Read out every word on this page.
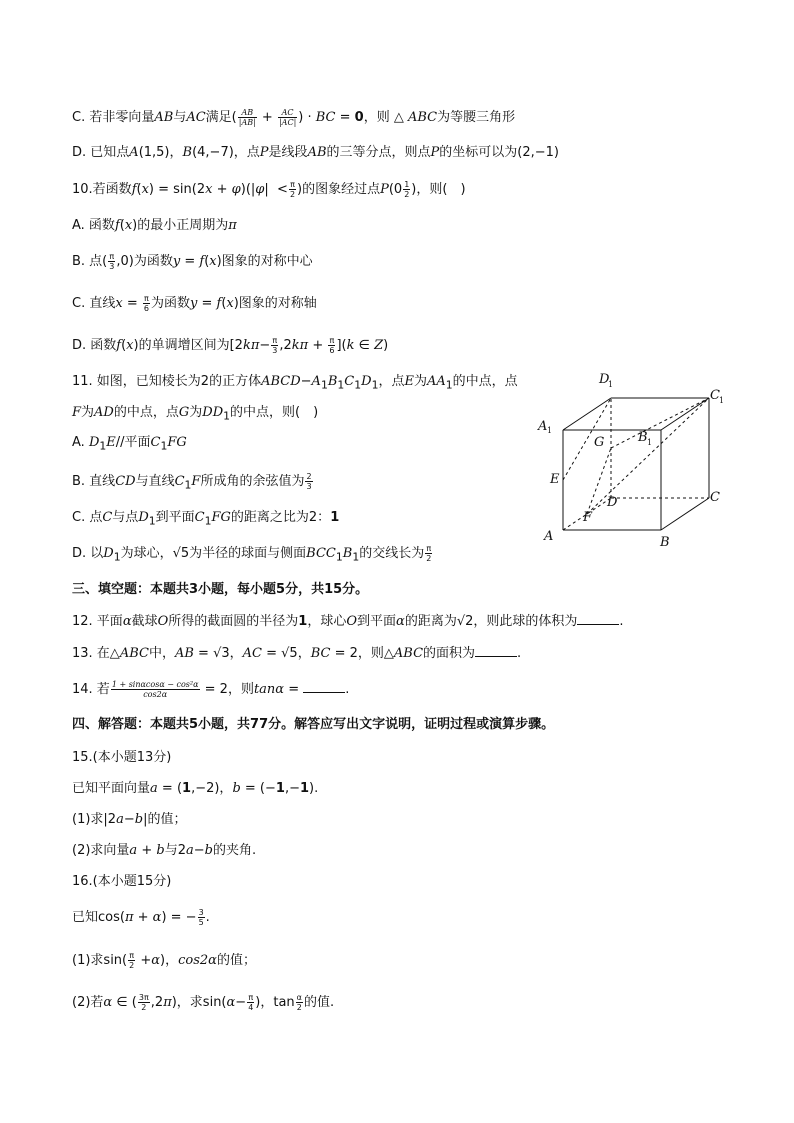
C. 若非零向量AB与AC满足( $\frac{AB}{|AB|} + \frac{AC}{|AC|}$ ) · BC = 0，则 △ ABC为等腰三角形
D. 已知点A(1,5)，B(4,−7)，点P是线段AB的三等分点，则点P的坐标可以为(2,−1)
10.若函数$f(x) = \sin(2x + \varphi)(|\varphi| < \frac{\pi}{2}$ )的图象经过点$P(0 \frac{1}{2}$ )，则(　)
A. 函数f(x)的最小正周期为π
B. 点( $\frac{\pi}{3} ,0$)为函数y = f(x)图象的对称中心
C. 直线$x = \frac{\pi}{6}$ 为函数y = f(x)图象的对称轴
D. 函数f(x)的单调增区间为$[2k\pi- \frac{\pi}{3} ,2k\pi + \frac{\pi}{6} ](k$ ∈ Z)
11. 如图，已知棱长为2的正方体$ABCD-A_1B_1C_1D_1$，点E为$AA_1$的中点，点
F为AD的中点，点G为$DD_1$的中点，则(　)
A. $D_1E//$平面$C_1FG$
B. 直线CD与直线$C_1F$所成角的余弦值为 $\frac{2}{3}$
C. 点C与点$D_1$到平面$C_1FG$的距离之比为2：1
D. 以$D_1$为球心，√5为半径的球面与侧面$BCC_1B_1$的交线长为 $\frac{\pi}{2}$
A	B
C
D
A 1	B 1
C 1
D
1
E
F
G
三、填空题：本题共3小题，每小题5分，共15分。
12. 平面α截球O所得的截面圆的半径为1，球心O到平面α的距离为√2，则此球的体积为	.
13. 在△ABC中，AB = √3，AC = √5，BC = 2，则△ABC的面积为	.
14. 若 $\frac{\text{1 + sinαcosα − cos²α}}{\cos 2\alpha} = 2$，则tanα =	.
四、解答题：本题共5小题，共77分。解答应写出文字说明，证明过程或演算步骤。
15.(本小题13分)
已知平面向量a = (1,−2)，b = (−1,−1).
(1)求|2a−b|的值；
(2)求向量a + b与2a−b的夹角.
16.(本小题15分)
已知cos(π + α) = − $\frac{3}{5}$ .
(1)求$\sin( \frac{\pi}{2} +\alpha)$，cos2α的值；
(2)若α ∈ ( $\frac{3\pi}{2} ,2\pi$)，求$\sin(\alpha- \frac{\pi}{4}$ )，$\tan \frac{\alpha}{2}$ 的值.
